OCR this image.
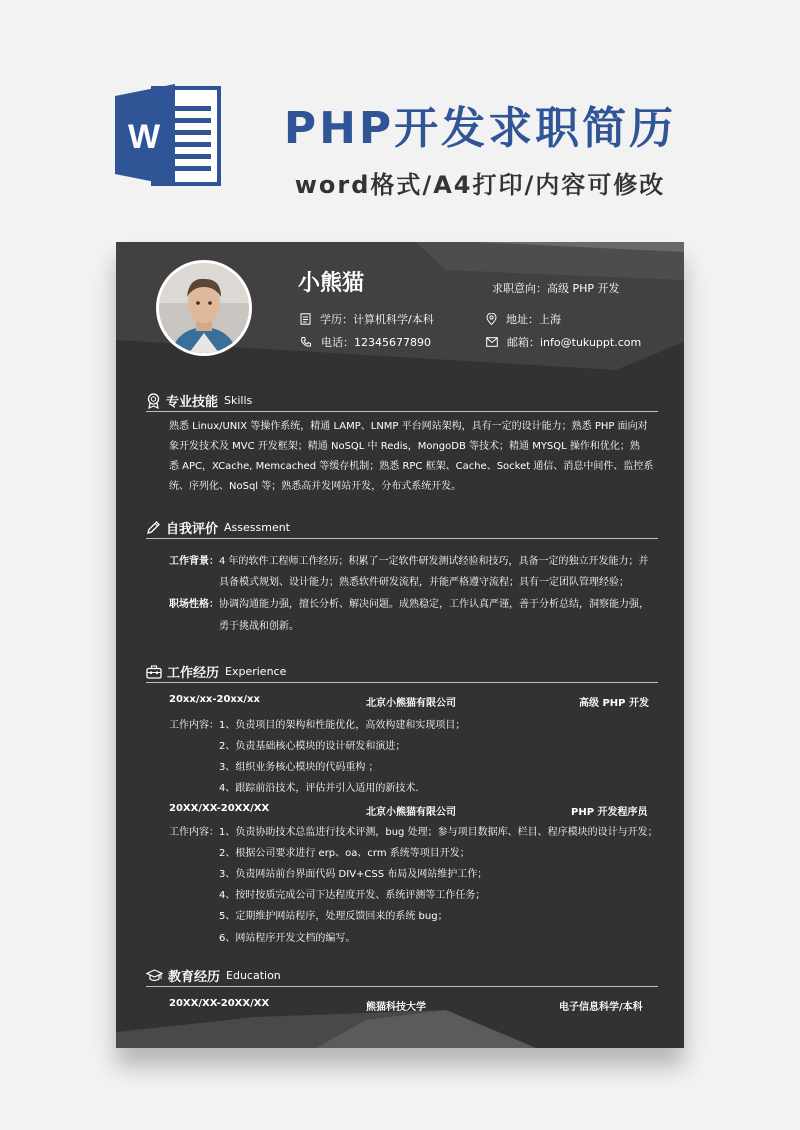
W	PHP开发求职简历
word格式/A4打印/内容可修改
小熊猫	求职意向：高级 PHP 开发
学历：计算机科学/本科	地址：上海
电话：12345677890	邮箱：info@tukuppt.com
专业技能 Skills
熟悉 Linux/UNIX 等操作系统，精通 LAMP、LNMP 平台网站架构，具有一定的设计能力；熟悉 PHP 面向对
象开发技术及 MVC 开发框架；精通 NoSQL 中 Redis，MongoDB 等技术；精通 MYSQL 操作和优化；熟
悉 APC，XCache, Memcached 等缓存机制；熟悉 RPC 框架、Cache、Socket 通信、消息中间件、监控系
统、序列化、NoSql 等；熟悉高并发网站开发，分布式系统开发。
自我评价 Assessment
工作背景： 4 年的软件工程师工作经历；积累了一定软件研发测试经验和技巧，具备一定的独立开发能力；并
具备模式规划、设计能力；熟悉软件研发流程，并能严格遵守流程；具有一定团队管理经验；
职场性格： 协调沟通能力强，擅长分析、解决问题。成熟稳定，工作认真严谨，善于分析总结，洞察能力强，
勇于挑战和创新。
工作经历 Experience
20xx/xx-20xx/xx	北京小熊猫有限公司	高级 PHP 开发
工作内容： 1、负责项目的架构和性能优化，高效构建和实现项目；
2、负责基础核心模块的设计研发和演进；
3、组织业务核心模块的代码重构 ；
4、跟踪前沿技术，评估并引入适用的新技术.
20XX/XX-20XX/XX	北京小熊猫有限公司	PHP 开发程序员
工作内容： 1、负责协助技术总监进行技术评测，bug 处理；参与项目数据库、栏目、程序模块的设计与开发；
2、根据公司要求进行 erp、oa、crm 系统等项目开发；
3、负责网站前台界面代码 DIV+CSS 布局及网站维护工作；
4、按时按质完成公司下达程度开发、系统评测等工作任务；
5、定期维护网站程序，处理反馈回来的系统 bug；
6、网站程序开发文档的编写。
教育经历 Education
20XX/XX-20XX/XX	熊猫科技大学	电子信息科学/本科
